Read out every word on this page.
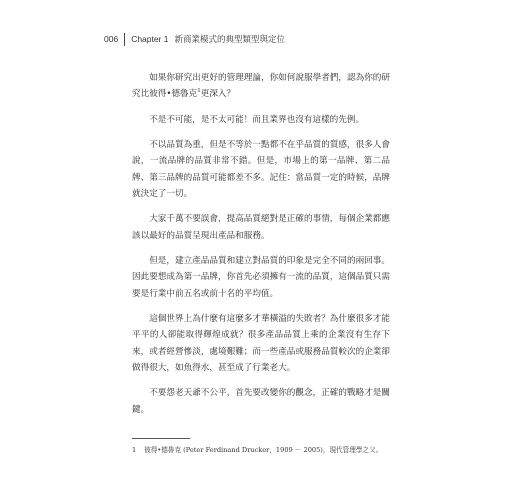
006 Chapter 1 新商業模式的典型類型與定位

如果你研究出更好的管理理論，你如何說服學者們，認為你的研究比彼得•德魯克$^1$更深入？

不是不可能，是不太可能！而且業界也沒有這樣的先例。

不以品質為重，但是不等於一點都不在乎品質的質感，很多人會說，一流品牌的品質非常不錯。但是，市場上的第一品牌、第二品牌、第三品牌的品質可能都差不多。記住：當品質一定的時候，品牌就決定了一切。

大家千萬不要誤會，提高品質絕對是正確的事情，每個企業都應該以最好的品質呈現出產品和服務。

但是，建立產品品質和建立對品質的印象是完全不同的兩回事。因此要想成為第一品牌，你首先必須擁有一流的品質，這個品質只需要是行業中前五名或前十名的平均值。

這個世界上為什麼有這麼多才華橫溢的失敗者？為什麼很多才能平平的人卻能取得輝煌成就？很多產品品質上乘的企業沒有生存下來，或者經營慘淡，處境艱難；而一些產品或服務品質較次的企業卻做得很大，如魚得水，甚至成了行業老大。

不要怨老天爺不公平，首先要改變你的觀念，正確的戰略才是關鍵。

1 彼得•德魯克 (Peter Ferdinand Drucker，1909 － 2005)，現代管理學之父。
